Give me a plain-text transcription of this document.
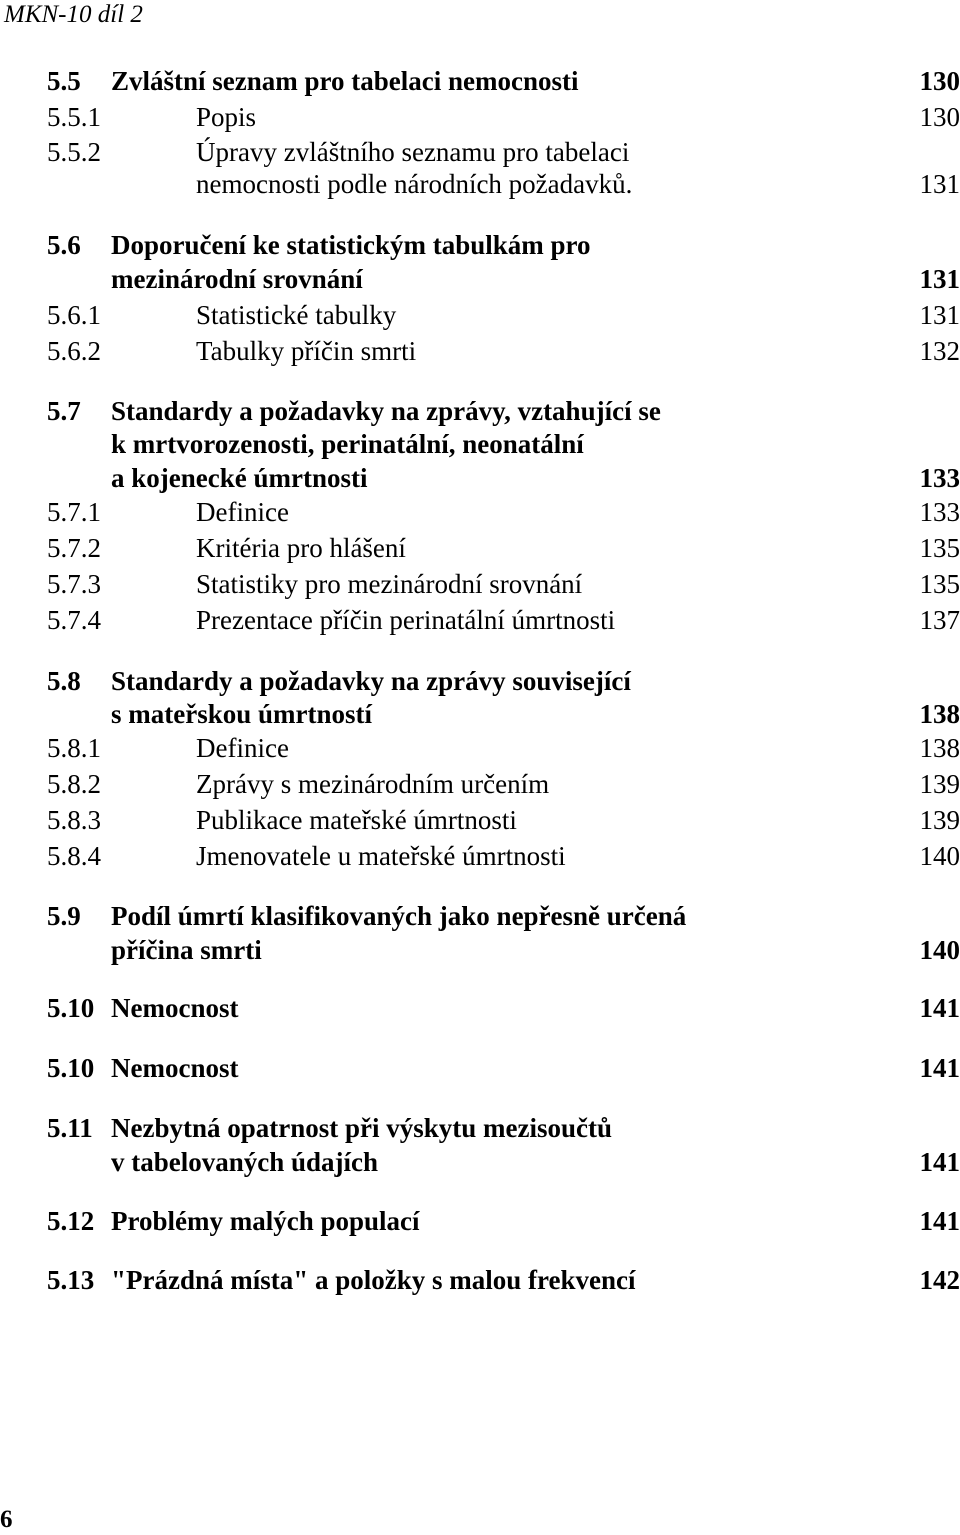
MKN-10 díl 2
5.5 Zvláštní seznam pro tabelaci nemocnosti	130
5.5.1	Popis	130
5.5.2	Úpravy zvláštního seznamu pro tabelaci
nemocnosti podle národních požadavků.	131
5.6 Doporučení ke statistickým tabulkám pro
mezinárodní srovnání	131
5.6.1	Statistické tabulky	131
5.6.2	Tabulky příčin smrti	132
5.7 Standardy a požadavky na zprávy, vztahující se
k mrtvorozenosti, perinatální, neonatální
a kojenecké úmrtnosti	133
5.7.1	Definice	133
5.7.2	Kritéria pro hlášení	135
5.7.3	Statistiky pro mezinárodní srovnání	135
5.7.4	Prezentace příčin perinatální úmrtnosti	137
5.8 Standardy a požadavky na zprávy související
s mateřskou úmrtností	138
5.8.1	Definice	138
5.8.2	Zprávy s mezinárodním určením	139
5.8.3	Publikace mateřské úmrtnosti	139
5.8.4	Jmenovatele u mateřské úmrtnosti	140
5.9 Podíl úmrtí klasifikovaných jako nepřesně určená
příčina smrti	140
5.10 Nemocnost	141
5.10 Nemocnost	141
5.11 Nezbytná opatrnost při výskytu mezisoučtů
v tabelovaných údajích	141
5.12 Problémy malých populací	141
5.13 "Prázdná místa" a položky s malou frekvencí	142
6
